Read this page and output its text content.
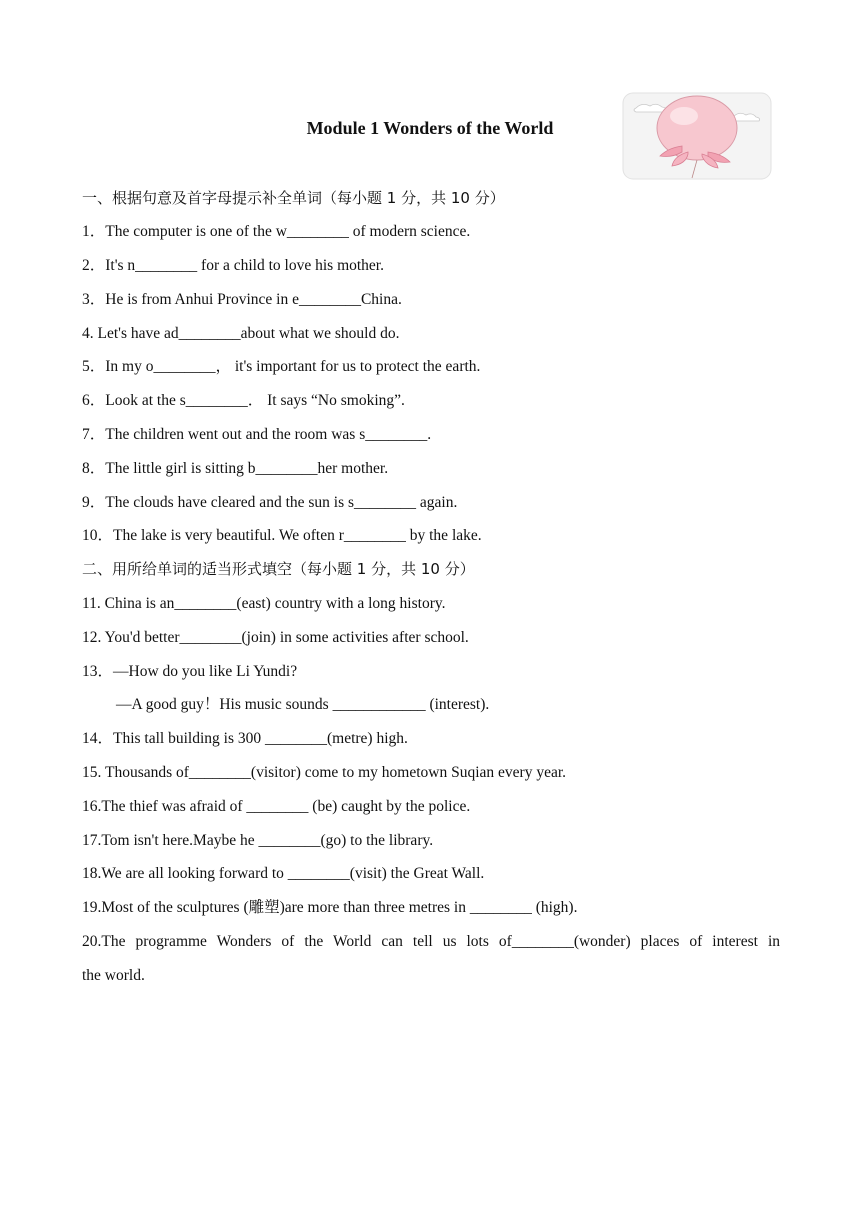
Module 1 Wonders of the World
一、根据句意及首字母提示补全单词（每小题 1 分，共 10 分）
1．The computer is one of the w________ of modern science.
2．It's n________ for a child to love his mother.
3．He is from Anhui Province in e________China.
4. Let's have ad________about what we should do.
5．In my o________， it's important for us to protect the earth.
6．Look at the s________． It says “No smoking”.
7．The children went out and the room was s________.
8．The little girl is sitting b________her mother.
9．The clouds have cleared and the sun is s________ again.
10．The lake is very beautiful. We often r________ by the lake.
二、用所给单词的适当形式填空（每小题 1 分，共 10 分）
11. China is an________(east) country with a long history.
12. You'd better________(join) in some activities after school.
13．—How do you like Li Yundi?
—A good guy！His music sounds ____________ (interest).
14．This tall building is 300 ________(metre) high.
15. Thousands of________(visitor) come to my hometown Suqian every year.
16.The thief was afraid of ________ (be) caught by the police.
17.Tom isn't here.Maybe he ________(go) to the library.
18.We are all looking forward to ________(visit) the Great Wall.
19.Most of the sculptures (雕塑)are more than three metres in ________ (high).
20.The programme Wonders of the World can tell us lots of________(wonder) places of interest in
the world.
